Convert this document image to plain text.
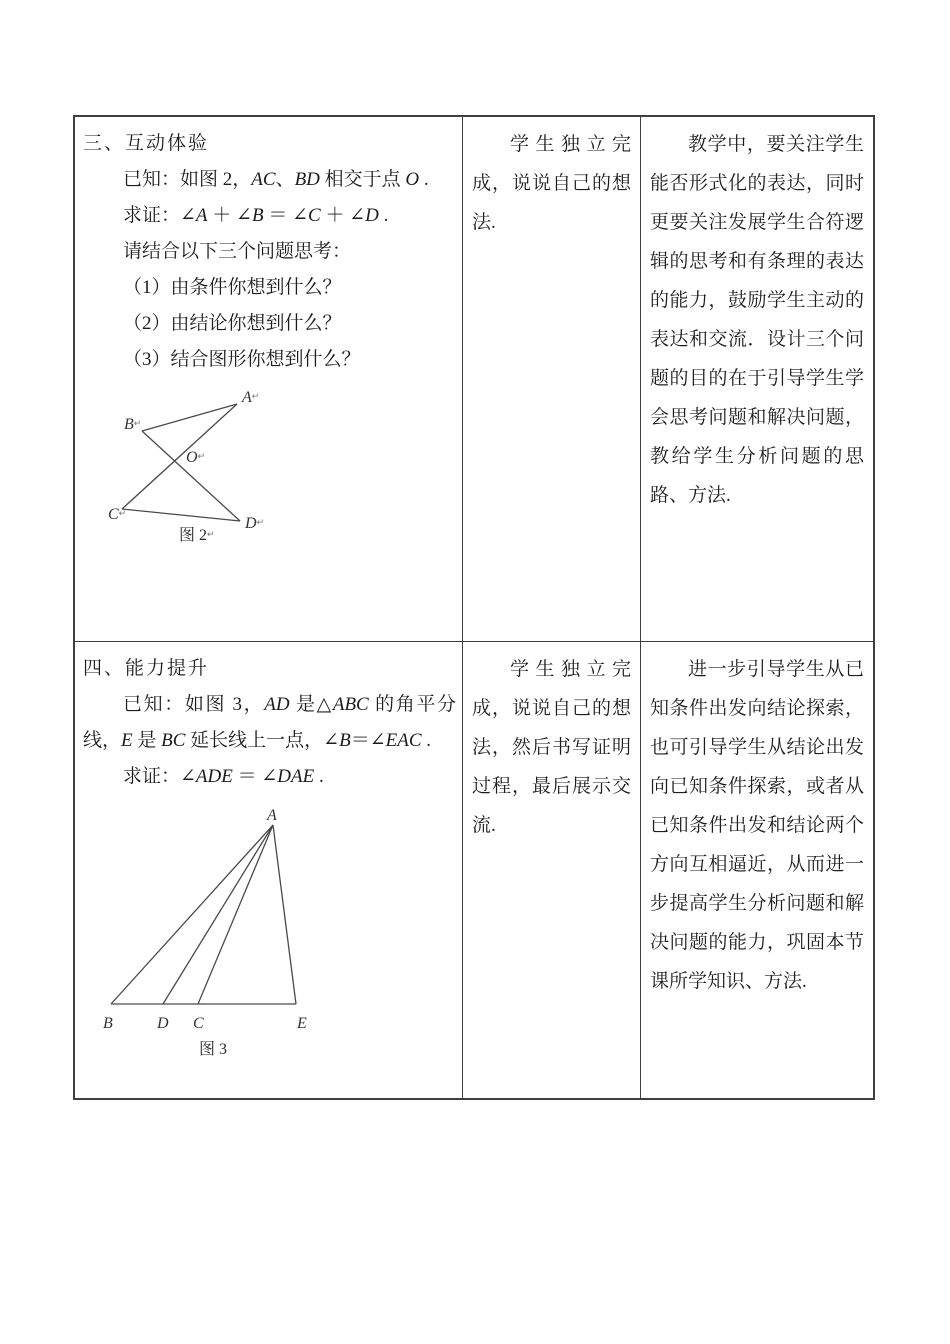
三、互动体验
已知：如图 2，AC、BD 相交于点 O .
求证：∠A ＋ ∠B ＝ ∠C ＋ ∠D .
请结合以下三个问题思考：
（1）由条件你想到什么？
（2）由结论你想到什么？
（3）结合图形你想到什么？
A↵
B↵
O↵
C↵
D↵
图 2↵

学生独立完成，说说自己的想法.

教学中，要关注学生能否形式化的表达，同时更要关注发展学生合符逻辑的思考和有条理的表达的能力，鼓励学生主动的表达和交流．设计三个问题的目的在于引导学生学会思考问题和解决问题，教给学生分析问题的思路、方法.

四、能力提升
已知：如图 3，AD 是△ABC 的角平分线，E 是 BC 延长线上一点，∠B＝∠EAC .
求证：∠ADE ＝ ∠DAE .
A
B	D C	E
图 3

学生独立完成，说说自己的想法，然后书写证明过程，最后展示交流.

进一步引导学生从已知条件出发向结论探索，也可引导学生从结论出发向已知条件探索，或者从已知条件出发和结论两个方向互相逼近，从而进一步提高学生分析问题和解决问题的能力，巩固本节课所学知识、方法.
